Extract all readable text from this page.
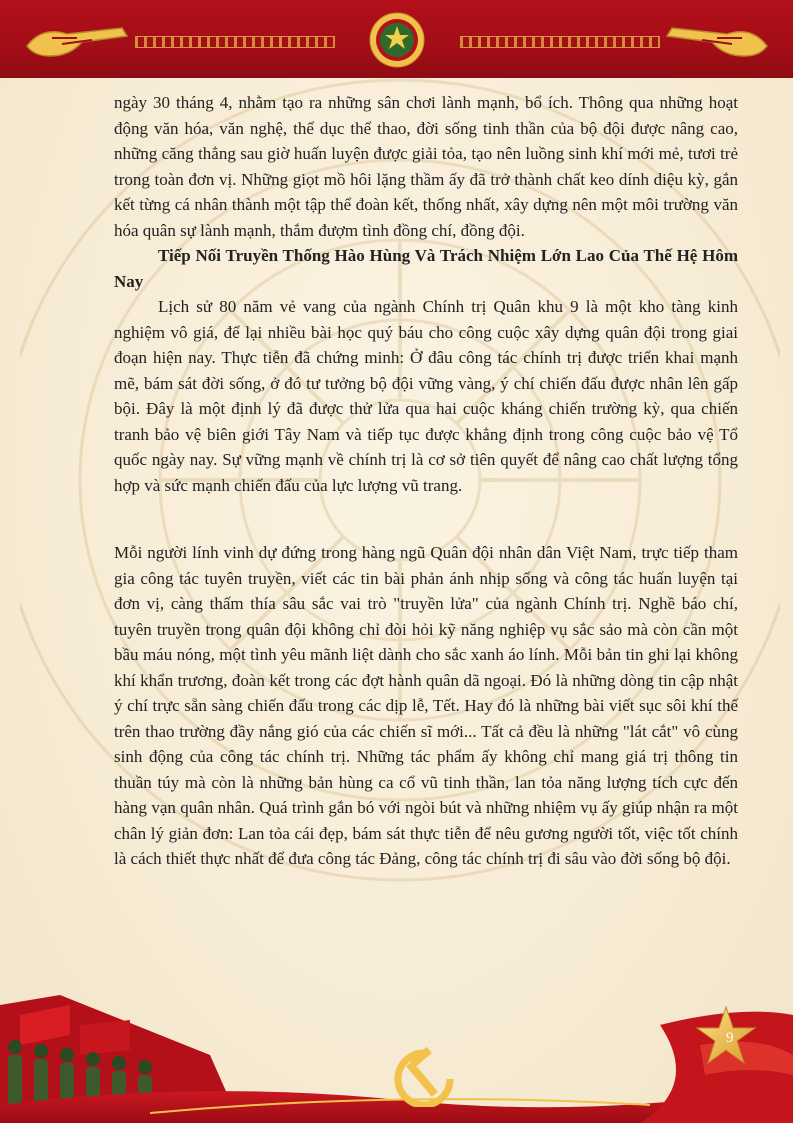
ngày 30 tháng 4, nhằm tạo ra những sân chơi lành mạnh, bổ ích. Thông qua những hoạt động văn hóa, văn nghệ, thể dục thể thao, đời sống tinh thần của bộ đội được nâng cao, những căng thẳng sau giờ huấn luyện được giải tỏa, tạo nên luồng sinh khí mới mẻ, tươi trẻ trong toàn đơn vị. Những giọt mồ hôi lặng thầm ấy đã trở thành chất keo dính diệu kỳ, gắn kết từng cá nhân thành một tập thể đoàn kết, thống nhất, xây dựng nên một môi trường văn hóa quân sự lành mạnh, thắm đượm tình đồng chí, đồng đội.

Tiếp Nối Truyền Thống Hào Hùng Và Trách Nhiệm Lớn Lao Của Thế Hệ Hôm Nay

Lịch sử 80 năm vẻ vang của ngành Chính trị Quân khu 9 là một kho tàng kinh nghiệm vô giá, để lại nhiều bài học quý báu cho công cuộc xây dựng quân đội trong giai đoạn hiện nay. Thực tiễn đã chứng minh: Ở đâu công tác chính trị được triển khai mạnh mẽ, bám sát đời sống, ở đó tư tưởng bộ đội vững vàng, ý chí chiến đấu được nhân lên gấp bội. Đây là một định lý đã được thử lửa qua hai cuộc kháng chiến trường kỳ, qua chiến tranh bảo vệ biên giới Tây Nam và tiếp tục được khẳng định trong công cuộc bảo vệ Tổ quốc ngày nay. Sự vững mạnh về chính trị là cơ sở tiên quyết để nâng cao chất lượng tổng hợp và sức mạnh chiến đấu của lực lượng vũ trang.

Mỗi người lính vinh dự đứng trong hàng ngũ Quân đội nhân dân Việt Nam, trực tiếp tham gia công tác tuyên truyền, viết các tin bài phản ánh nhịp sống và công tác huấn luyện tại đơn vị, càng thấm thía sâu sắc vai trò "truyền lửa" của ngành Chính trị. Nghề báo chí, tuyên truyền trong quân đội không chỉ đòi hỏi kỹ năng nghiệp vụ sắc sảo mà còn cần một bầu máu nóng, một tình yêu mãnh liệt dành cho sắc xanh áo lính. Mỗi bản tin ghi lại không khí khẩn trương, đoàn kết trong các đợt hành quân dã ngoại. Đó là những dòng tin cập nhật ý chí trực sẵn sàng chiến đấu trong các dịp lễ, Tết. Hay đó là những bài viết sục sôi khí thế trên thao trường đầy nắng gió của các chiến sĩ mới... Tất cả đều là những "lát cắt" vô cùng sinh động của công tác chính trị. Những tác phẩm ấy không chỉ mang giá trị thông tin thuần túy mà còn là những bản hùng ca cổ vũ tinh thần, lan tỏa năng lượng tích cực đến hàng vạn quân nhân. Quá trình gắn bó với ngòi bút và những nhiệm vụ ấy giúp nhận ra một chân lý giản đơn: Lan tỏa cái đẹp, bám sát thực tiễn để nêu gương người tốt, việc tốt chính là cách thiết thực nhất để đưa công tác Đảng, công tác chính trị đi sâu vào đời sống bộ đội.

9
